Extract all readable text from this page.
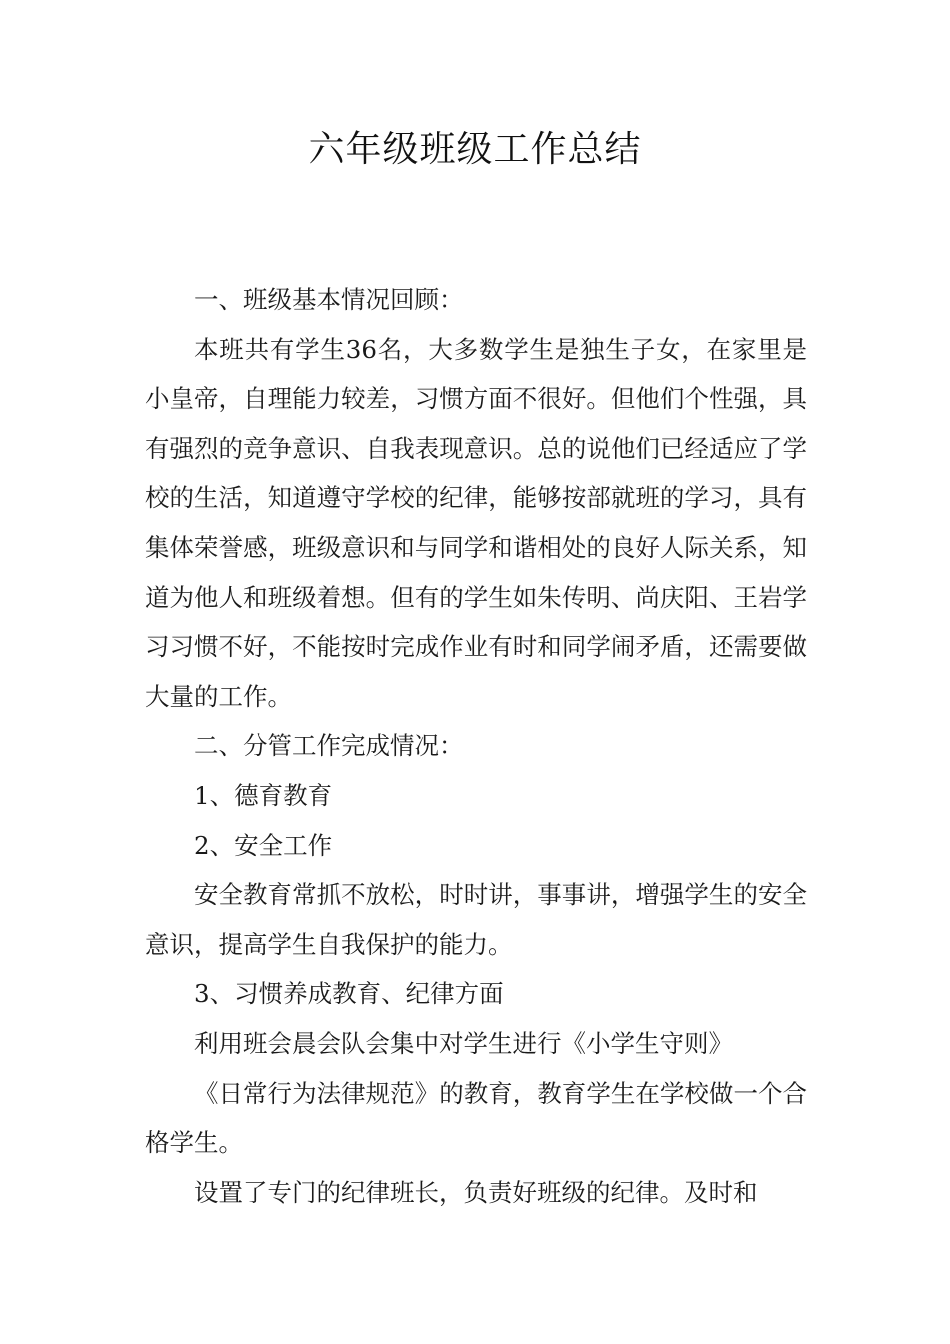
六年级班级工作总结

一、班级基本情况回顾：

本班共有学生36名，大多数学生是独生子女，在家里是小皇帝，自理能力较差，习惯方面不很好。但他们个性强，具有强烈的竞争意识、自我表现意识。总的说他们已经适应了学校的生活，知道遵守学校的纪律，能够按部就班的学习，具有集体荣誉感，班级意识和与同学和谐相处的良好人际关系，知道为他人和班级着想。但有的学生如朱传明、尚庆阳、王岩学习习惯不好，不能按时完成作业有时和同学闹矛盾，还需要做大量的工作。

二、分管工作完成情况：

1、德育教育

2、安全工作

安全教育常抓不放松，时时讲，事事讲，增强学生的安全意识，提高学生自我保护的能力。

3、习惯养成教育、纪律方面

利用班会晨会队会集中对学生进行《小学生守则》

《日常行为法律规范》的教育，教育学生在学校做一个合格学生。

设置了专门的纪律班长，负责好班级的纪律。及时和
